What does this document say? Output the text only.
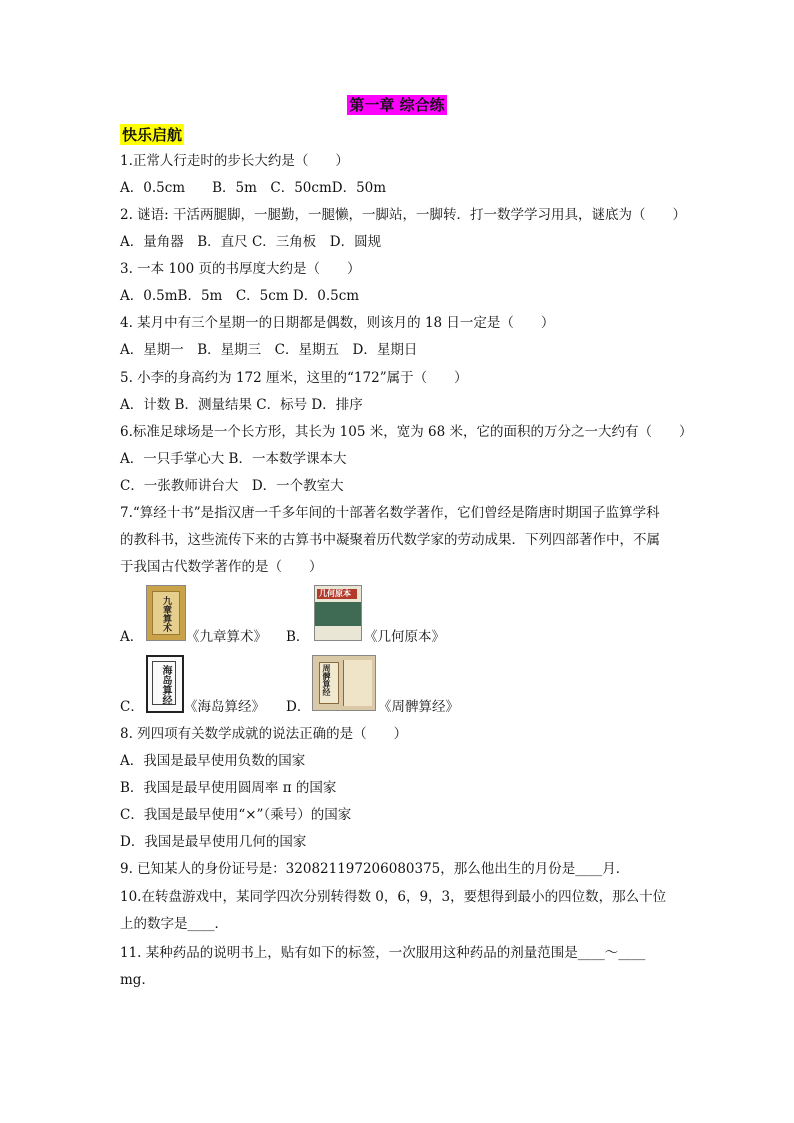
第一章 综合练
快乐启航
1.正常人行走时的步长大约是（　　）
A．0.5cm　　B．5m　C．50cmD．50m
2. 谜语: 干活两腿脚，一腿勤，一腿懒，一脚站，一脚转．打一数学学习用具，谜底为（　　）
A．量角器　B．直尺 C．三角板　D．圆规
3. 一本 100 页的书厚度大约是（　　）
A．0.5mB．5m　C．5cm D．0.5cm
4. 某月中有三个星期一的日期都是偶数，则该月的 18 日一定是（　　）
A．星期一　B．星期三　C．星期五　D．星期日
5. 小李的身高约为 172 厘米，这里的“172”属于（　　）
A．计数 B．测量结果 C．标号 D．排序
6.标准足球场是一个长方形，其长为 105 米，宽为 68 米，它的面积的万分之一大约有（　　）
A．一只手掌心大 B．一本数学课本大
C．一张教师讲台大　D．一个教室大
7.“算经十书”是指汉唐一千多年间的十部著名数学著作，它们曾经是隋唐时期国子监算学科
的教科书，这些流传下来的古算书中凝聚着历代数学家的劳动成果．下列四部著作中，不属
于我国古代数学著作的是（　　）
A．
九章算术
《九章算术》 B．
几何原本
《几何原本》
C．
海岛算经
《海岛算经》 D．
周髀算经
《周髀算经》
8. 列四项有关数学成就的说法正确的是（　　）
A．我国是最早使用负数的国家
B．我国是最早使用圆周率 π 的国家
C．我国是最早使用“×”（乘号）的国家
D．我国是最早使用几何的国家
9. 已知某人的身份证号是：320821197206080375，那么他出生的月份是____月．
10.在转盘游戏中，某同学四次分别转得数 0，6，9，3，要想得到最小的四位数，那么十位
上的数字是____．
11. 某种药品的说明书上，贴有如下的标签，一次服用这种药品的剂量范围是____～____
mg．
